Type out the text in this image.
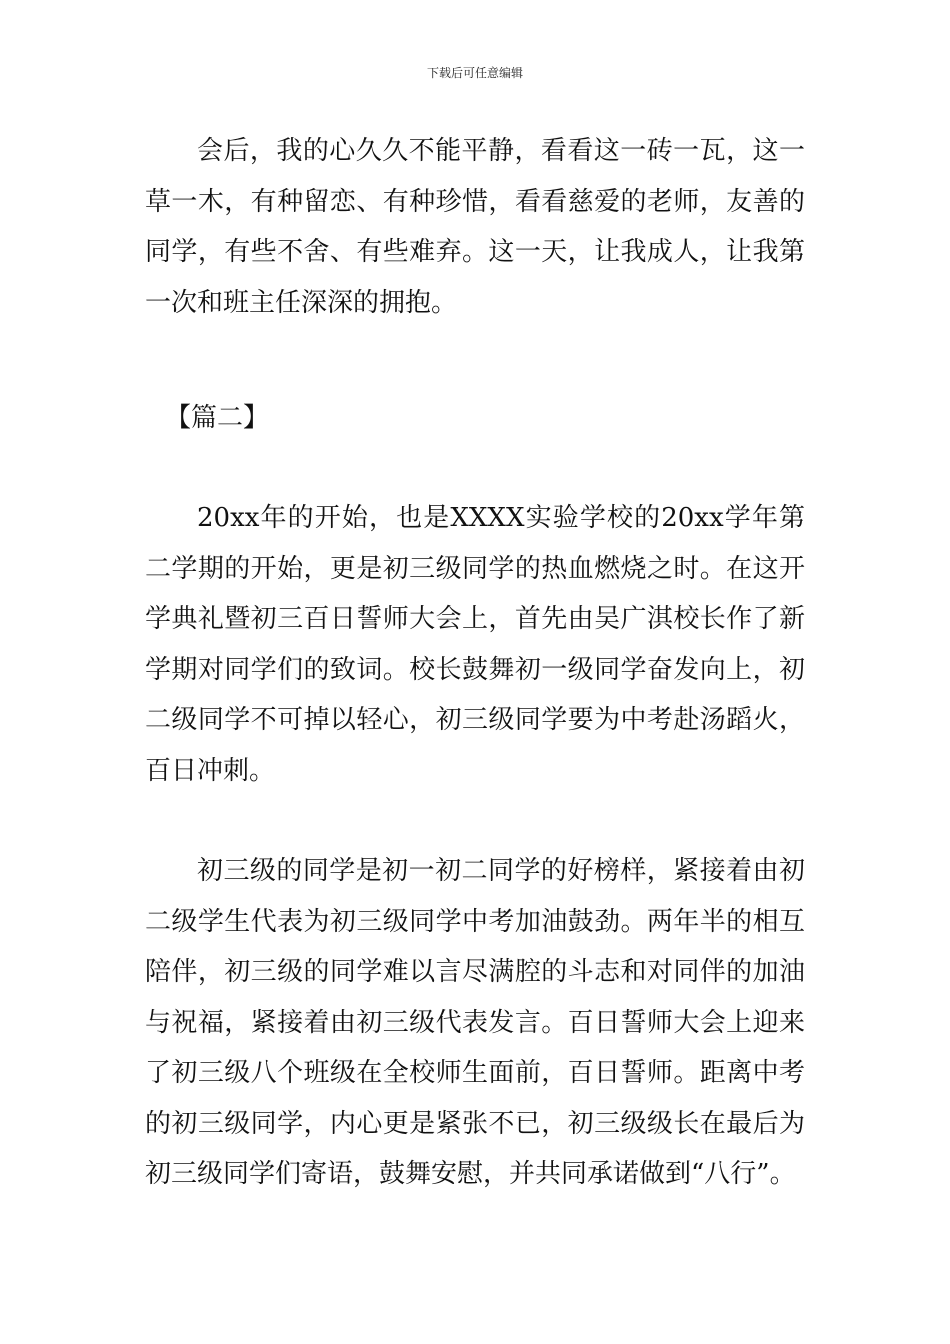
下载后可任意编辑

会后，我的心久久不能平静，看看这一砖一瓦，这一草一木，有种留恋、有种珍惜，看看慈爱的老师，友善的同学，有些不舍、有些难弃。这一天，让我成人，让我第一次和班主任深深的拥抱。

【篇二】

20xx年的开始，也是XXXX实验学校的20xx学年第二学期的开始，更是初三级同学的热血燃烧之时。在这开学典礼暨初三百日誓师大会上，首先由吴广淇校长作了新学期对同学们的致词。校长鼓舞初一级同学奋发向上，初二级同学不可掉以轻心，初三级同学要为中考赴汤蹈火，百日冲刺。

初三级的同学是初一初二同学的好榜样，紧接着由初二级学生代表为初三级同学中考加油鼓劲。两年半的相互陪伴，初三级的同学难以言尽满腔的斗志和对同伴的加油与祝福，紧接着由初三级代表发言。百日誓师大会上迎来了初三级八个班级在全校师生面前，百日誓师。距离中考的初三级同学，内心更是紧张不已，初三级级长在最后为初三级同学们寄语，鼓舞安慰，并共同承诺做到“八行”。
